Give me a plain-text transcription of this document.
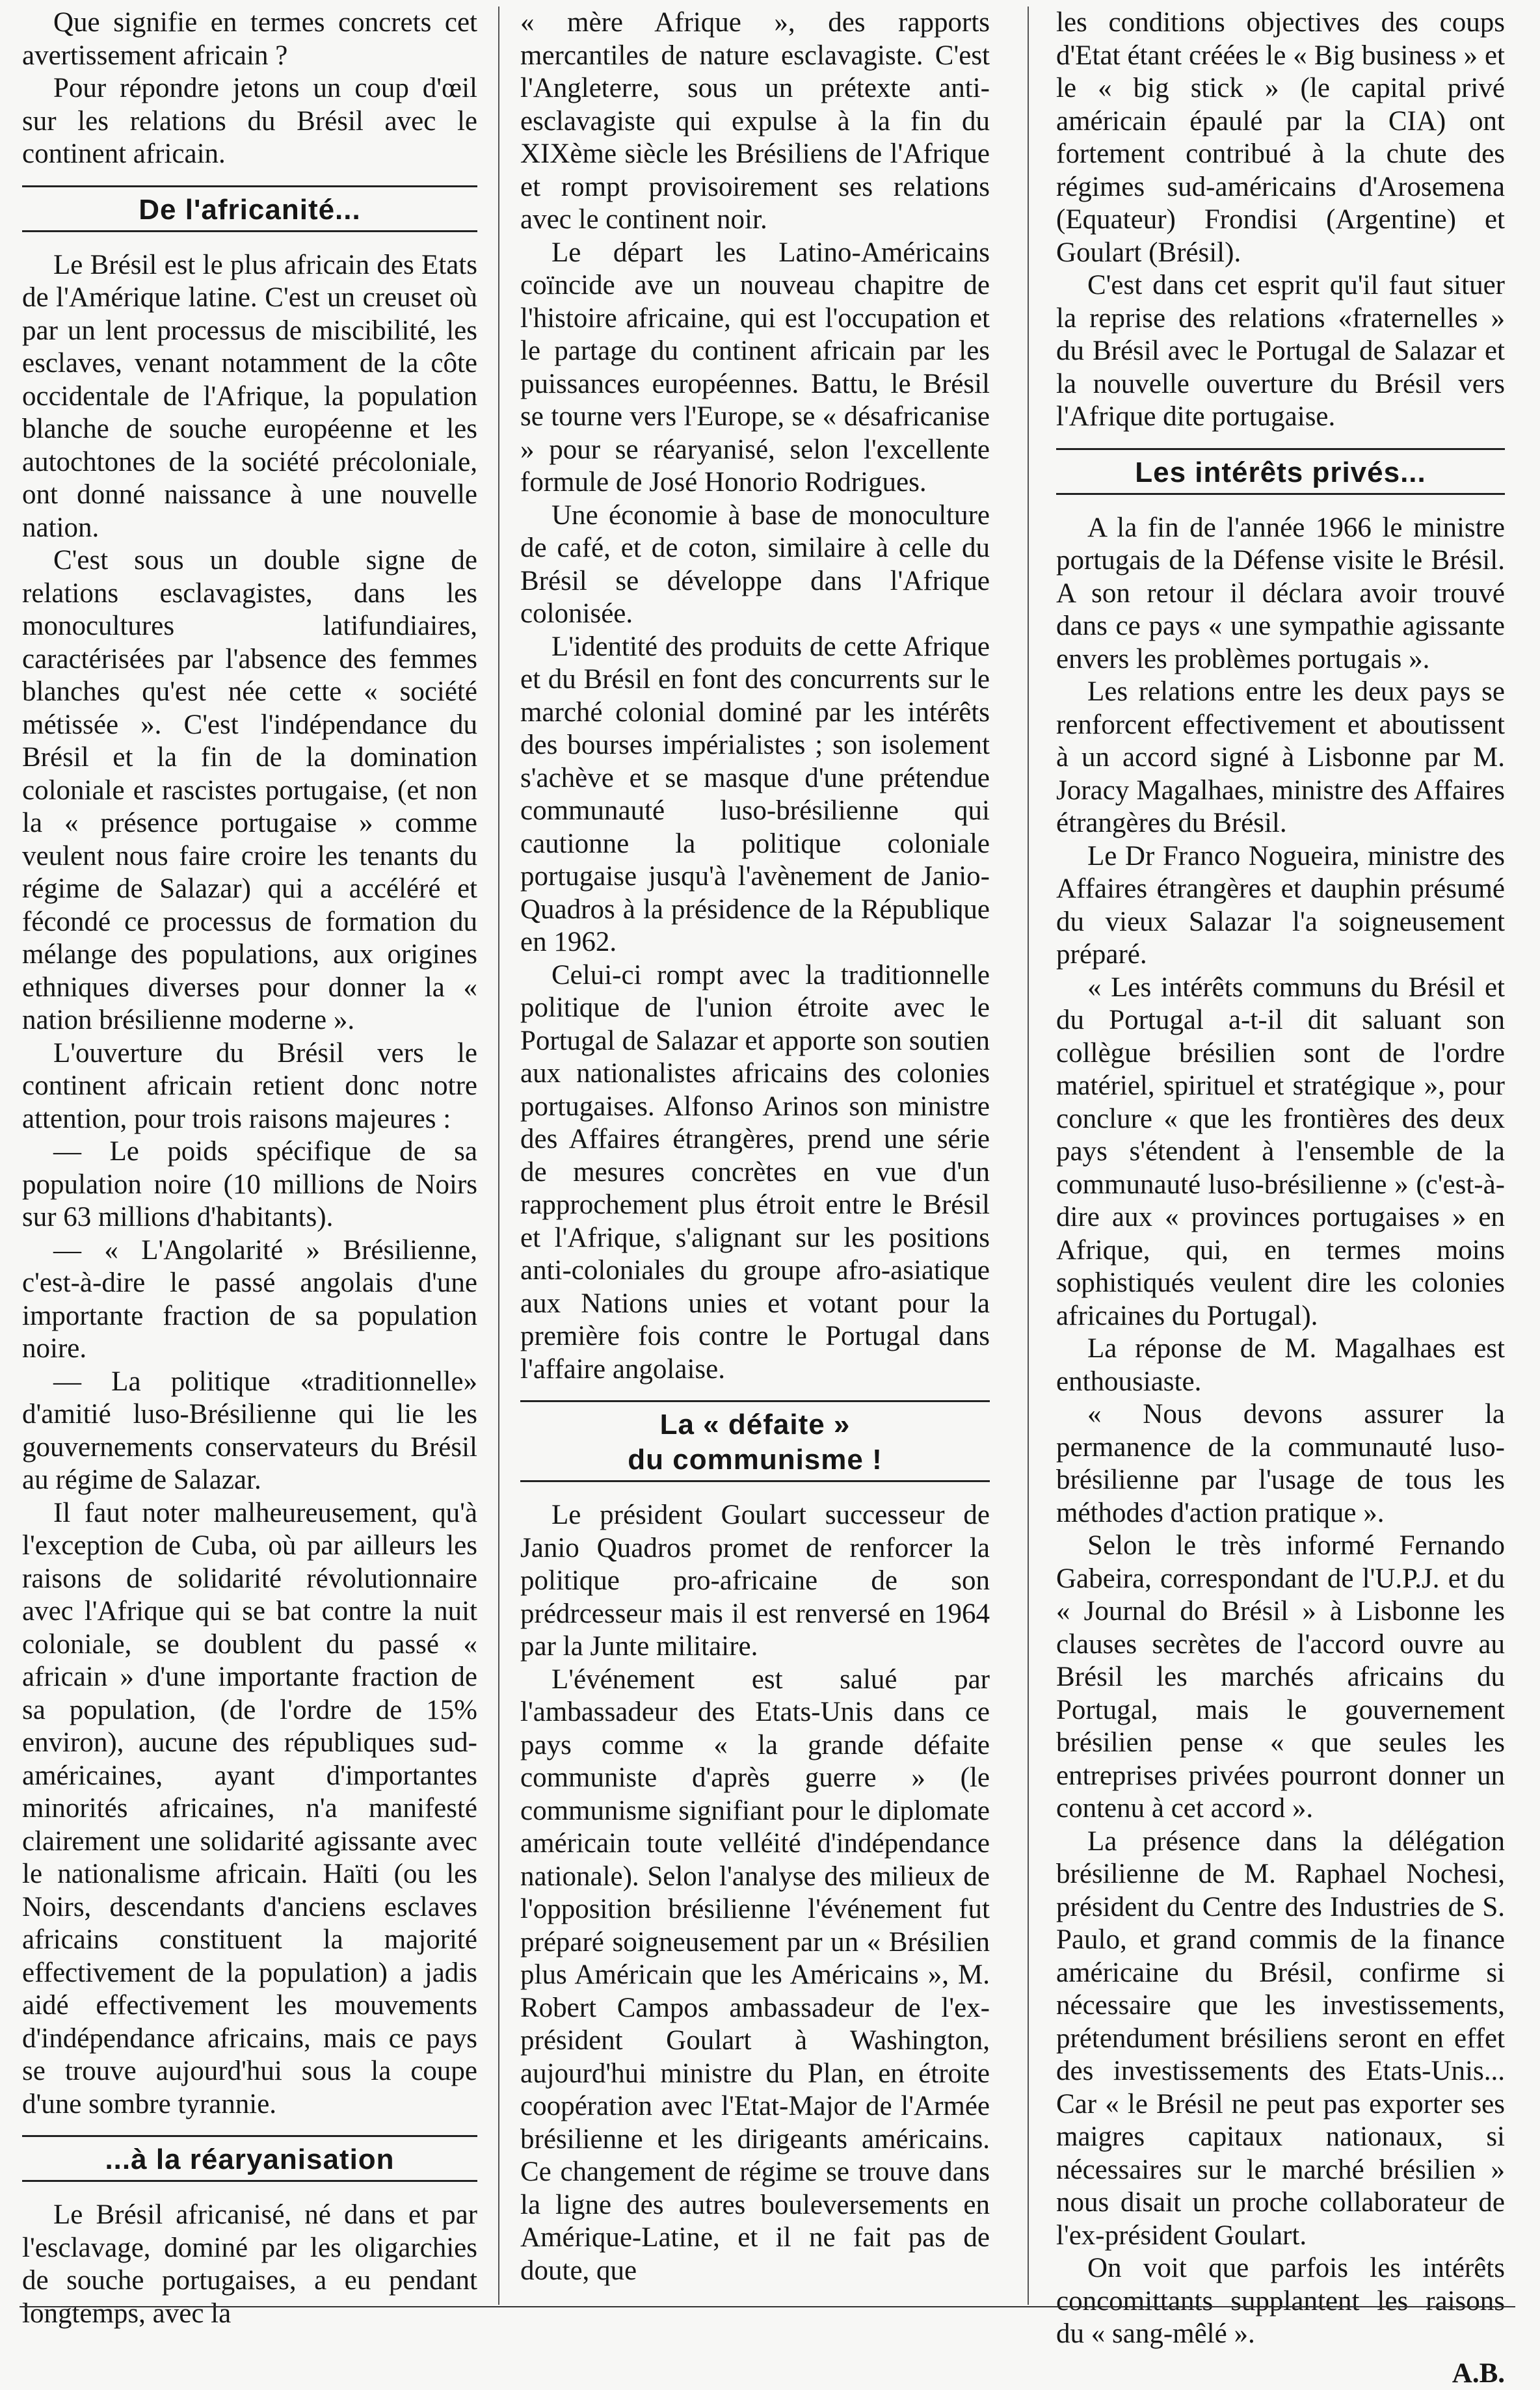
Que signifie en termes concrets cet avertissement africain ?

Pour répondre jetons un coup d'œil sur les relations du Brésil avec le continent africain.

De l'africanité...

Le Brésil est le plus africain des Etats de l'Amérique latine. C'est un creuset où par un lent processus de miscibilité, les esclaves, venant notamment de la côte occidentale de l'Afrique, la population blanche de souche européenne et les autochtones de la société précoloniale, ont donné naissance à une nouvelle nation.

C'est sous un double signe de relations esclavagistes, dans les monocultures latifundiaires, caractérisées par l'absence des femmes blanches qu'est née cette « société métissée ». C'est l'indépendance du Brésil et la fin de la domination coloniale et rascistes portugaise, (et non la « présence portugaise » comme veulent nous faire croire les tenants du régime de Salazar) qui a accéléré et fécondé ce processus de formation du mélange des populations, aux origines ethniques diverses pour donner la « nation brésilienne moderne ».

L'ouverture du Brésil vers le continent africain retient donc notre attention, pour trois raisons majeures :

— Le poids spécifique de sa population noire (10 millions de Noirs sur 63 millions d'habitants).

— « L'Angolarité » Brésilienne, c'est-à-dire le passé angolais d'une importante fraction de sa population noire.

— La politique «traditionnelle» d'amitié luso-Brésilienne qui lie les gouvernements conservateurs du Brésil au régime de Salazar.

Il faut noter malheureusement, qu'à l'exception de Cuba, où par ailleurs les raisons de solidarité révolutionnaire avec l'Afrique qui se bat contre la nuit coloniale, se doublent du passé « africain » d'une importante fraction de sa population, (de l'ordre de 15% environ), aucune des républiques sud-américaines, ayant d'importantes minorités africaines, n'a manifesté clairement une solidarité agissante avec le nationalisme africain. Haïti (ou les Noirs, descendants d'anciens esclaves africains constituent la majorité effectivement de la population) a jadis aidé effectivement les mouvements d'indépendance africains, mais ce pays se trouve aujourd'hui sous la coupe d'une sombre tyrannie.

...à la réaryanisation

Le Brésil africanisé, né dans et par l'esclavage, dominé par les oligarchies de souche portugaises, a eu pendant longtemps, avec la

« mère Afrique », des rapports mercantiles de nature esclavagiste. C'est l'Angleterre, sous un prétexte anti-esclavagiste qui expulse à la fin du XIXème siècle les Brésiliens de l'Afrique et rompt provisoirement ses relations avec le continent noir.

Le départ les Latino-Américains coïncide ave un nouveau chapitre de l'histoire africaine, qui est l'occupation et le partage du continent africain par les puissances européennes. Battu, le Brésil se tourne vers l'Europe, se « désafricanise » pour se réaryanisé, selon l'excellente formule de José Honorio Rodrigues.

Une économie à base de monoculture de café, et de coton, similaire à celle du Brésil se développe dans l'Afrique colonisée.

L'identité des produits de cette Afrique et du Brésil en font des concurrents sur le marché colonial dominé par les intérêts des bourses impérialistes ; son isolement s'achève et se masque d'une prétendue communauté luso-brésilienne qui cautionne la politique coloniale portugaise jusqu'à l'avènement de Janio- Quadros à la présidence de la République en 1962.

Celui-ci rompt avec la traditionnelle politique de l'union étroite avec le Portugal de Salazar et apporte son soutien aux nationalistes africains des colonies portugaises. Alfonso Arinos son ministre des Affaires étrangères, prend une série de mesures concrètes en vue d'un rapprochement plus étroit entre le Brésil et l'Afrique, s'alignant sur les positions anti-coloniales du groupe afro-asiatique aux Nations unies et votant pour la première fois contre le Portugal dans l'affaire angolaise.

La « défaite »
du communisme !

Le président Goulart successeur de Janio Quadros promet de renforcer la politique pro-africaine de son prédrcesseur mais il est renversé en 1964 par la Junte militaire.

L'événement est salué par l'ambassadeur des Etats-Unis dans ce pays comme « la grande défaite communiste d'après guerre » (le communisme signifiant pour le diplomate américain toute velléité d'indépendance nationale). Selon l'analyse des milieux de l'opposition brésilienne l'événement fut préparé soigneusement par un « Brésilien plus Américain que les Américains », M. Robert Campos ambassadeur de l'ex-président Goulart à Washington, aujourd'hui ministre du Plan, en étroite coopération avec l'Etat-Major de l'Armée brésilienne et les dirigeants américains. Ce changement de régime se trouve dans la ligne des autres bouleversements en Amérique-Latine, et il ne fait pas de doute, que

les conditions objectives des coups d'Etat étant créées le « Big business » et le « big stick » (le capital privé américain épaulé par la CIA) ont fortement contribué à la chute des régimes sud-américains d'Arosemena (Equateur) Frondisi (Argentine) et Goulart (Brésil).

C'est dans cet esprit qu'il faut situer la reprise des relations «fraternelles » du Brésil avec le Portugal de Salazar et la nouvelle ouverture du Brésil vers l'Afrique dite portugaise.

Les intérêts privés...

A la fin de l'année 1966 le ministre portugais de la Défense visite le Brésil. A son retour il déclara avoir trouvé dans ce pays « une sympathie agissante envers les problèmes portugais ».

Les relations entre les deux pays se renforcent effectivement et aboutissent à un accord signé à Lisbonne par M. Joracy Magalhaes, ministre des Affaires étrangères du Brésil.

Le Dr Franco Nogueira, ministre des Affaires étrangères et dauphin présumé du vieux Salazar l'a soigneusement préparé.

« Les intérêts communs du Brésil et du Portugal a-t-il dit saluant son collègue brésilien sont de l'ordre matériel, spirituel et stratégique », pour conclure « que les frontières des deux pays s'étendent à l'ensemble de la communauté luso-brésilienne » (c'est-à-dire aux « provinces portugaises » en Afrique, qui, en termes moins sophistiqués veulent dire les colonies africaines du Portugal).

La réponse de M. Magalhaes est enthousiaste.

« Nous devons assurer la permanence de la communauté luso-brésilienne par l'usage de tous les méthodes d'action pratique ».

Selon le très informé Fernando Gabeira, correspondant de l'U.P.J. et du « Journal do Brésil » à Lisbonne les clauses secrètes de l'accord ouvre au Brésil les marchés africains du Portugal, mais le gouvernement brésilien pense « que seules les entreprises privées pourront donner un contenu à cet accord ».

La présence dans la délégation brésilienne de M. Raphael Nochesi, président du Centre des Industries de S. Paulo, et grand commis de la finance américaine du Brésil, confirme si nécessaire que les investissements, prétendument brésiliens seront en effet des investissements des Etats-Unis... Car « le Brésil ne peut pas exporter ses maigres capitaux nationaux, si nécessaires sur le marché brésilien » nous disait un proche collaborateur de l'ex-président Goulart.

On voit que parfois les intérêts concomittants supplantent les raisons du « sang-mêlé ».

A.B.
